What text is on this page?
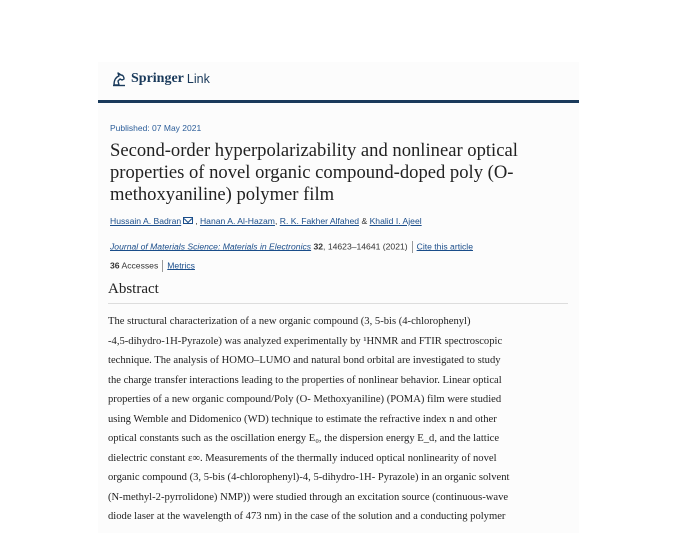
Springer Link
Published: 07 May 2021
Second-order hyperpolarizability and nonlinear optical properties of novel organic compound-doped poly (O-methoxyaniline) polymer film
Hussain A. Badran , Hanan A. Al-Hazam, R. K. Fakher Alfahed & Khalid I. Ajeel
Journal of Materials Science: Materials in Electronics 32, 14623–14641 (2021) Cite this article
36 Accesses Metrics
Abstract

The structural characterization of a new organic compound (3, 5-bis (4-chlorophenyl)

-4,5-dihydro-1H-Pyrazole) was analyzed experimentally by ¹HNMR and FTIR spectroscopic

technique. The analysis of HOMO–LUMO and natural bond orbital are investigated to study

the charge transfer interactions leading to the properties of nonlinear behavior. Linear optical

properties of a new organic compound/Poly (O- Methoxyaniline) (POMA) film were studied

using Wemble and Didomenico (WD) technique to estimate the refractive index n and other

optical constants such as the oscillation energy E₀, the dispersion energy E_d, and the lattice

dielectric constant ε∞. Measurements of the thermally induced optical nonlinearity of novel

organic compound (3, 5-bis (4-chlorophenyl)-4, 5-dihydro-1H- Pyrazole) in an organic solvent

(N-methyl-2-pyrrolidone) NMP)) were studied through an excitation source (continuous-wave

diode laser at the wavelength of 473 nm) in the case of the solution and a conducting polymer
